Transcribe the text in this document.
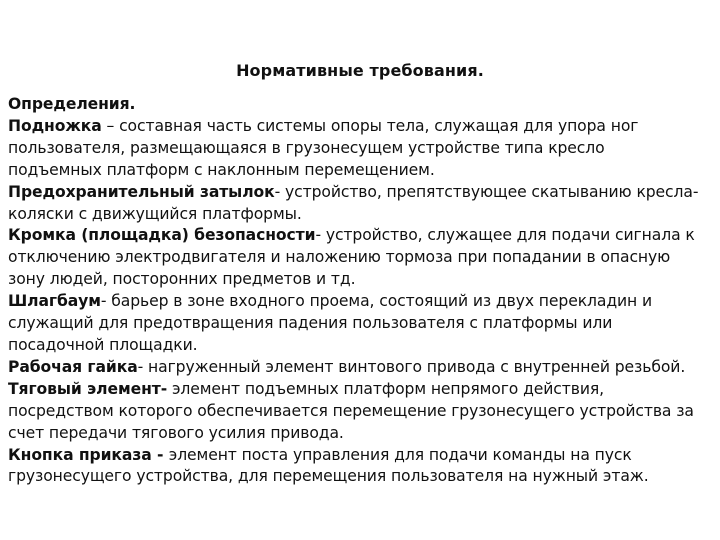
Нормативные требования.
Определения.
Подножка – составная часть системы опоры тела, служащая для упора ног
пользователя, размещающаяся в грузонесущем устройстве типа кресло
подъемных платформ с наклонным перемещением.
Предохранительный затылок- устройство, препятствующее скатыванию кресла-
коляски с движущийся платформы.
Кромка (площадка) безопасности- устройство, служащее для подачи сигнала к
отключению электродвигателя и наложению тормоза при попадании в опасную
зону людей, посторонних предметов и тд.
Шлагбаум- барьер в зоне входного проема, состоящий из двух перекладин и
служащий для предотвращения падения пользователя с платформы или
посадочной площадки.
Рабочая гайка- нагруженный элемент винтового привода с внутренней резьбой.
Тяговый элемент- элемент подъемных платформ непрямого действия,
посредством которого обеспечивается перемещение грузонесущего устройства за
счет передачи тягового усилия привода.
Кнопка приказа - элемент поста управления для подачи команды на пуск
грузонесущего устройства, для перемещения пользователя на нужный этаж.
